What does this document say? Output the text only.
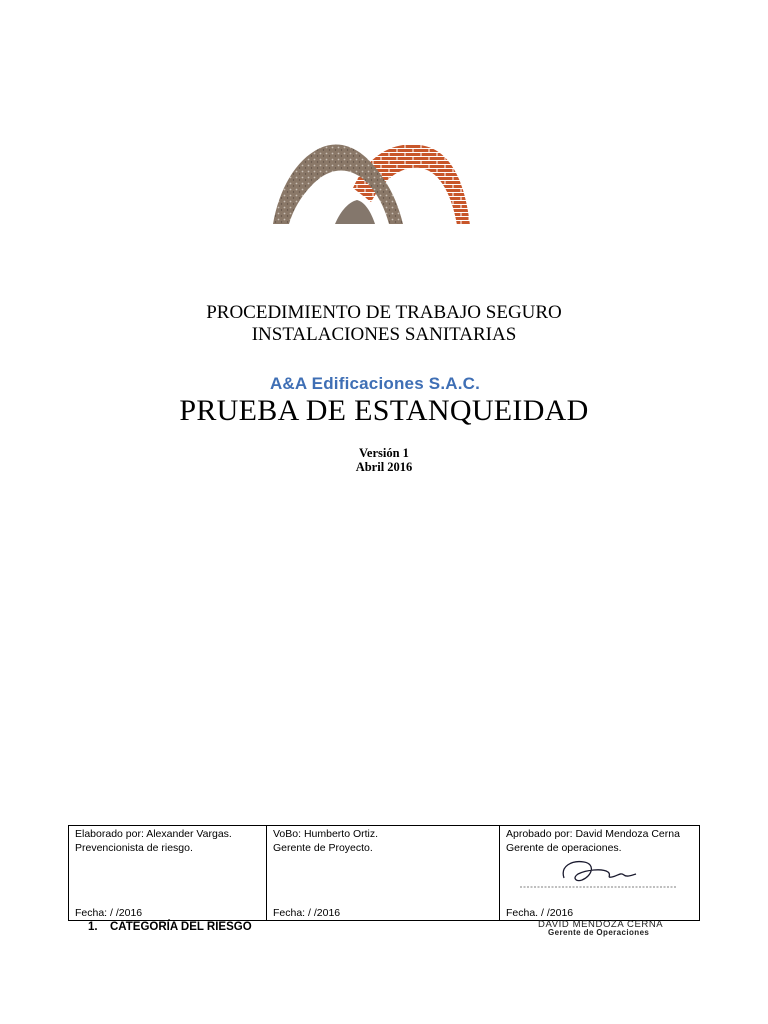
A&A Edificaciones S.A.C.
PROCEDIMIENTO DE TRABAJO SEGURO
INSTALACIONES SANITARIAS
PRUEBA DE ESTANQUEIDAD
Versión 1
Abril 2016
Elaborado por: Alexander Vargas.
Prevencionista de riesgo.
Fecha: / /2016

VoBo: Humberto Ortiz.
Gerente de Proyecto.
Fecha: / /2016

Aprobado por: David Mendoza Cerna
Gerente de operaciones.
DAVID MENDOZA CERNA
Gerente de Operaciones
Fecha. / /2016
1. CATEGORÍA DEL RIESGO
